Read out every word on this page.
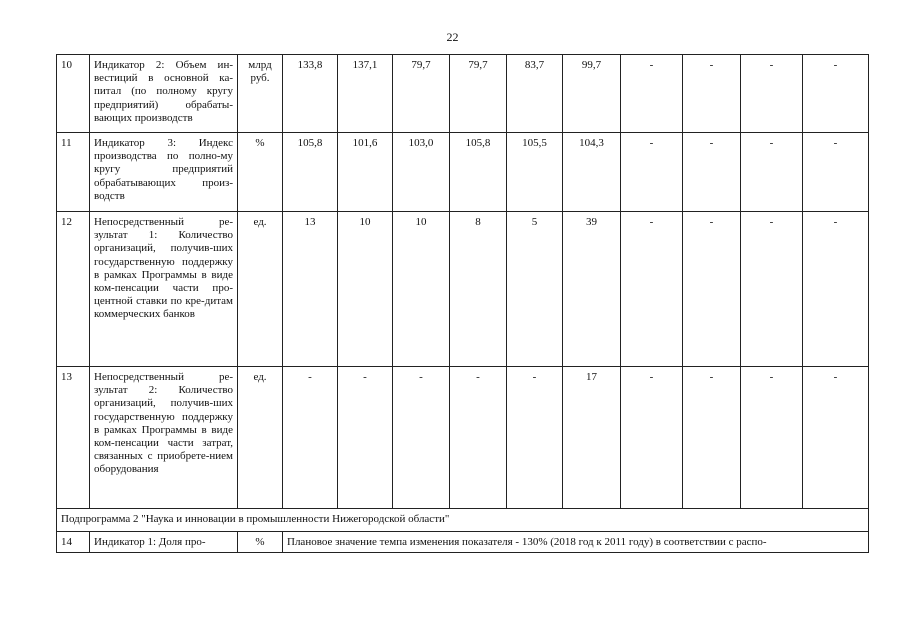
22
10	Индикатор 2: Объем ин-вестиций в основной ка-питал (по полному кругу предприятий) обрабаты-вающих производств	млрд руб.	133,8	137,1	79,7	79,7	83,7	99,7	-	-	-	-
11	Индикатор 3: Индекс производства по полно-му кругу предприятий обрабатывающих произ-водств	%	105,8	101,6	103,0	105,8	105,5	104,3	-	-	-	-
12	Непосредственный ре-зультат 1: Количество организаций, получив-ших государственную поддержку в рамках Программы в виде ком-пенсации части про-центной ставки по кре-дитам коммерческих банков	ед.	13	10	10	8	5	39	-	-	-	-
13	Непосредственный ре-зультат 2: Количество организаций, получив-ших государственную поддержку в рамках Программы в виде ком-пенсации части затрат, связанных с приобрете-нием оборудования	ед.	-	-	-	-	-	17	-	-	-	-
Подпрограмма 2 "Наука и инновации в промышленности Нижегородской области"												
14	Индикатор 1: Доля про-	%	Плановое значение темпа изменения показателя - 130% (2018 год к 2011 году) в соответствии с распо-									
